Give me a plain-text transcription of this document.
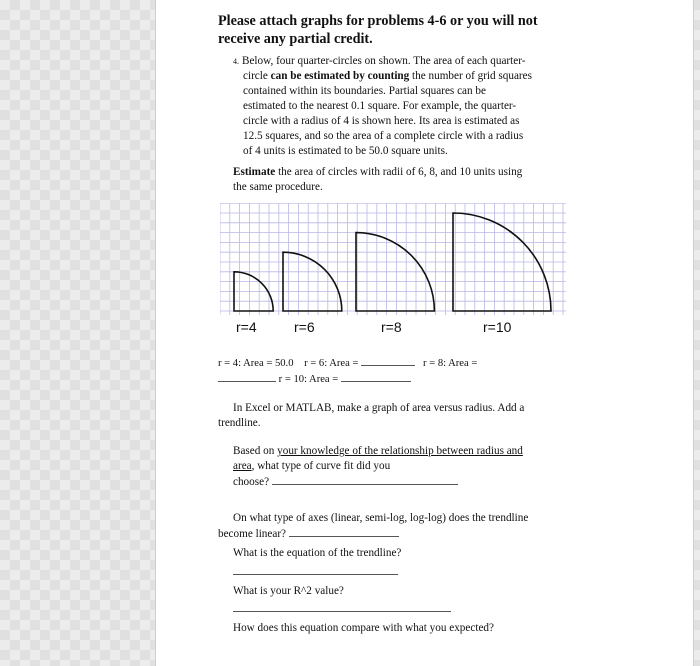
Please attach graphs for problems 4-6 or you will not
receive any partial credit.
4. Below, four quarter-circles on shown. The area of each quarter-
circle can be estimated by counting the number of grid squares
contained within its boundaries. Partial squares can be
estimated to the nearest 0.1 square. For example, the quarter-
circle with a radius of 4 is shown here. Its area is estimated as
12.5 squares, and so the area of a complete circle with a radius
of 4 units is estimated to be 50.0 square units.
Estimate the area of circles with radii of 6, 8, and 10 units using
the same procedure.
r=4	r=6	r=8	r=10
r = 4: Area = 50.0 r = 6: Area =	r = 8: Area =
r = 10: Area =
In Excel or MATLAB, make a graph of area versus radius. Add a
trendline.
Based on your knowledge of the relationship between radius and
area, what type of curve fit did you
choose?
On what type of axes (linear, semi-log, log-log) does the trendline
become linear?
What is the equation of the trendline?
What is your R^2 value?
How does this equation compare with what you expected?
